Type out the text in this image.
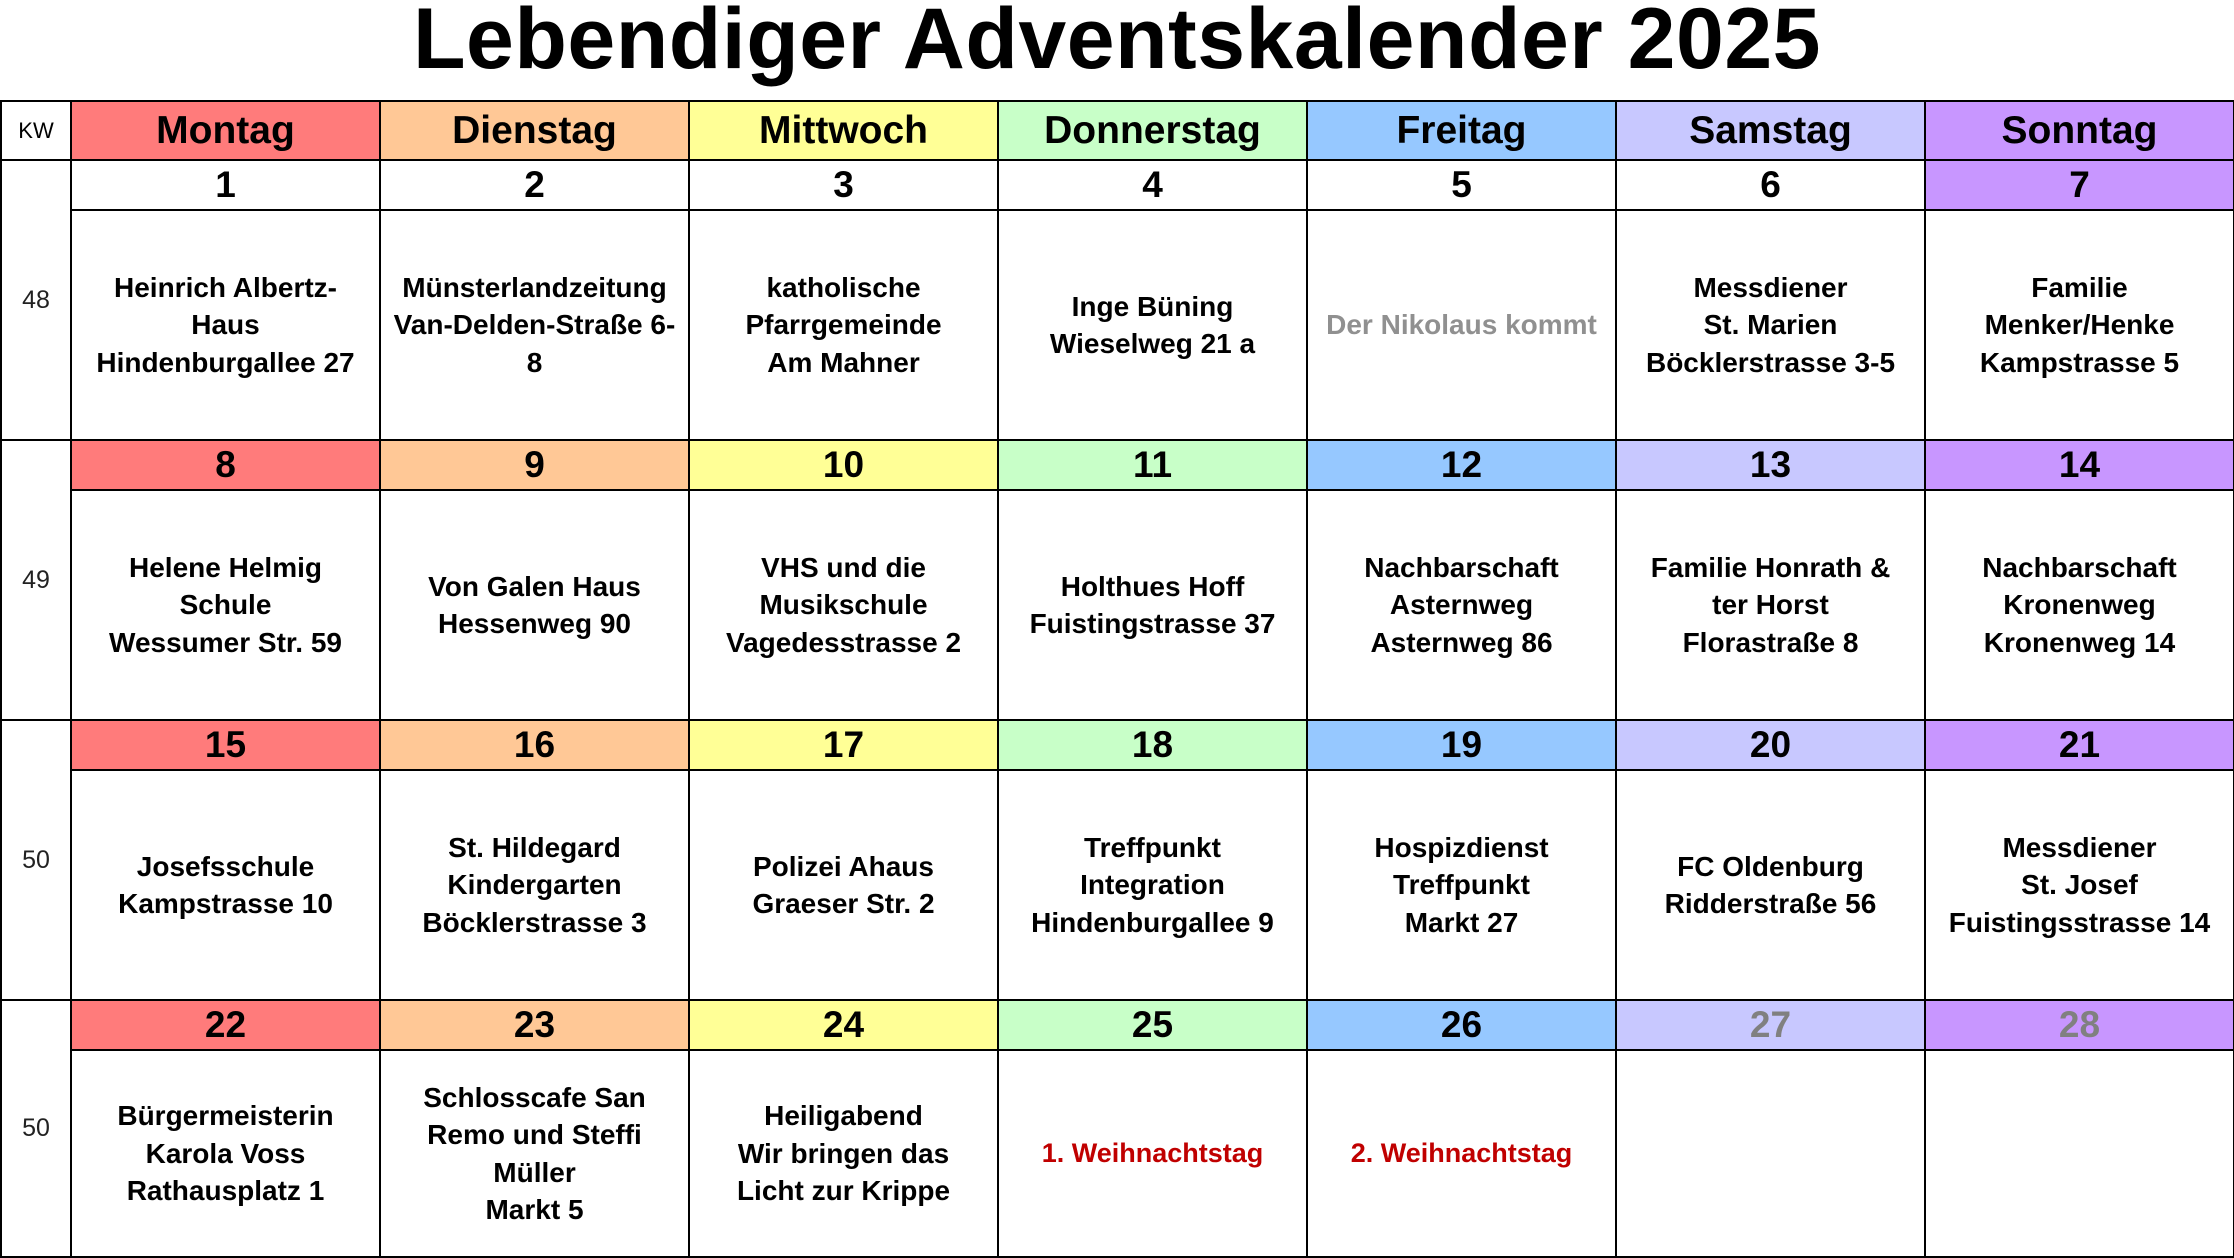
Lebendiger Adventskalender 2025
KW	Montag	Dienstag	Mittwoch	Donnerstag	Freitag	Samstag	Sonntag
48	1	2	3	4	5	6	7

	Heinrich Albertz-
Haus
Hindenburgallee 27	Münsterlandzeitung
Van-Delden-Straße 6-
8	katholische
Pfarrgemeinde
Am Mahner	Inge Büning
Wieselweg 21 a	Der Nikolaus kommt	Messdiener
St. Marien
Böcklerstrasse 3-5	Familie
Menker/Henke
Kampstrasse 5

49	8	9	10	11	12	13	14

	Helene Helmig
Schule
Wessumer Str. 59	Von Galen Haus
Hessenweg 90	VHS und die
Musikschule
Vagedesstrasse 2	Holthues Hoff
Fuistingstrasse 37	Nachbarschaft
Asternweg
Asternweg 86	Familie Honrath &
ter Horst
Florastraße 8	Nachbarschaft
Kronenweg
Kronenweg 14

50	15	16	17	18	19	20	21

	Josefsschule
Kampstrasse 10	St. Hildegard
Kindergarten
Böcklerstrasse 3	Polizei Ahaus
Graeser Str. 2	Treffpunkt
Integration
Hindenburgallee 9	Hospizdienst
Treffpunkt
Markt 27	FC Oldenburg
Ridderstraße 56	Messdiener
St. Josef
Fuistingsstrasse 14

50	22	23	24	25	26	27	28

	Bürgermeisterin
Karola Voss
Rathausplatz 1	Schlosscafe San
Remo und Steffi
Müller
Markt 5	Heiligabend
Wir bringen das
Licht zur Krippe	1. Weihnachtstag	2. Weihnachtstag		
